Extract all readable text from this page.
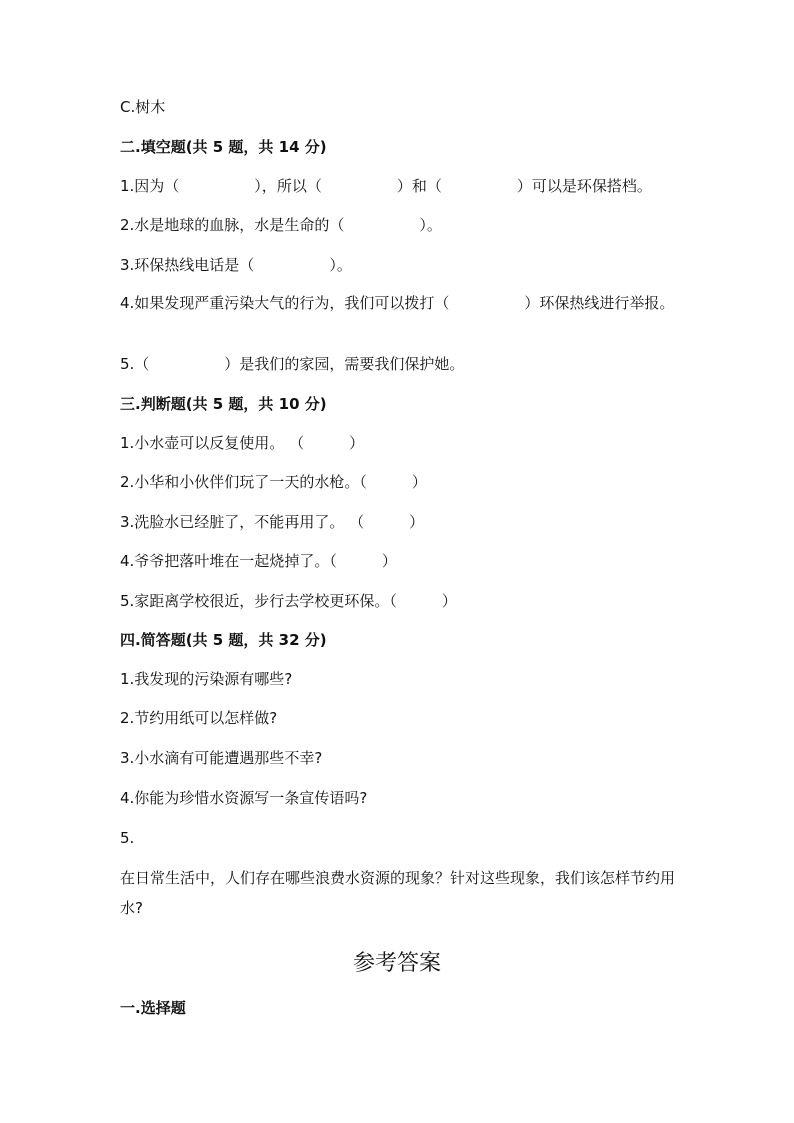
C.树木
二.填空题(共 5 题，共 14 分)
1.因为（　　　　　），所以（　　　　　）和（　　　　　）可以是环保搭档。
2.水是地球的血脉，水是生命的（　　　　　）。
3.环保热线电话是（　　　　　）。
4.如果发现严重污染大气的行为，我们可以拨打（　　　　　）环保热线进行举报。
5.（　　　　　）是我们的家园，需要我们保护她。
三.判断题(共 5 题，共 10 分)
1.小水壶可以反复使用。 （　　　）
2.小华和小伙伴们玩了一天的水枪。（　　　）
3.洗脸水已经脏了，不能再用了。 （　　　）
4.爷爷把落叶堆在一起烧掉了。（　　　）
5.家距离学校很近，步行去学校更环保。（　　　）
四.简答题(共 5 题，共 32 分)
1.我发现的污染源有哪些?
2.节约用纸可以怎样做?
3.小水滴有可能遭遇那些不幸?
4.你能为珍惜水资源写一条宣传语吗?
5.
在日常生活中，人们存在哪些浪费水资源的现象？针对这些现象，我们该怎样节约用水?
参考答案
一.选择题
